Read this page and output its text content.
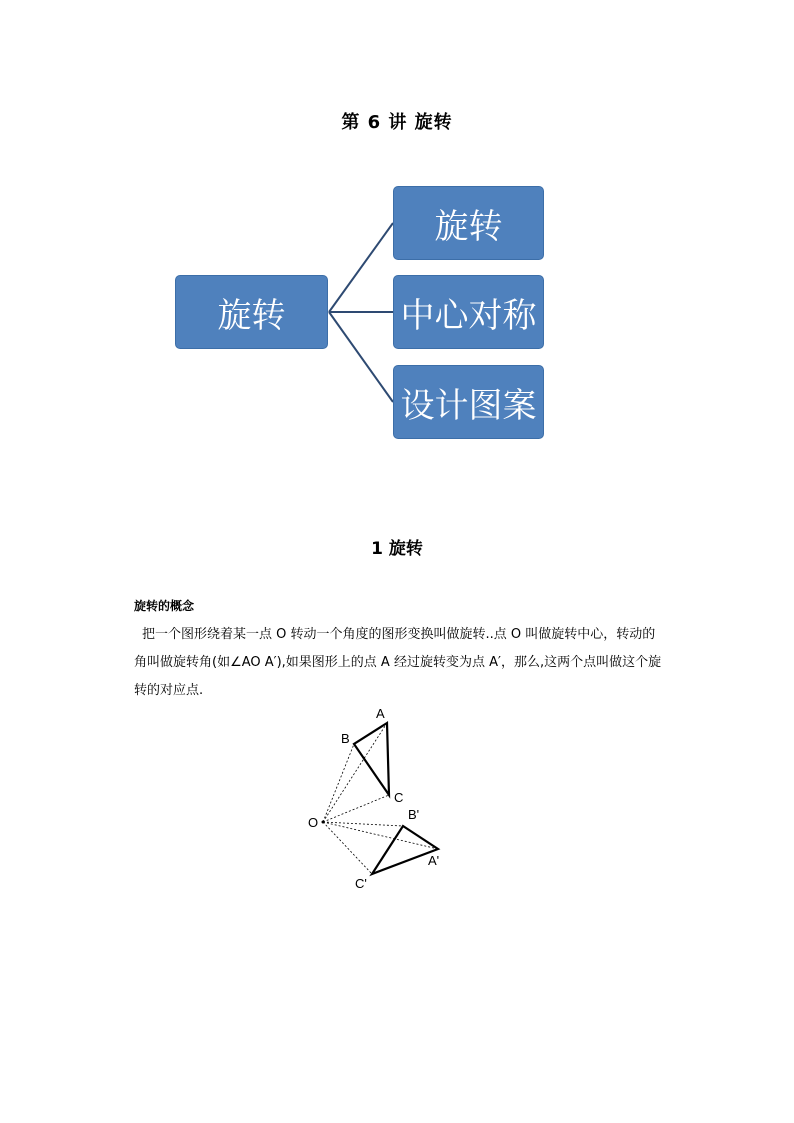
第 6 讲 旋转
旋转
旋转
中心对称
设计图案
1 旋转
旋转的概念
把一个图形绕着某一点 O 转动一个角度的图形变换叫做旋转..点 O 叫做旋转中心，转动的角叫做旋转角(如∠AO A′),如果图形上的点 A 经过旋转变为点 A′，那么,这两个点叫做这个旋转的对应点.
A
B
C
O
B'
A'
C'
